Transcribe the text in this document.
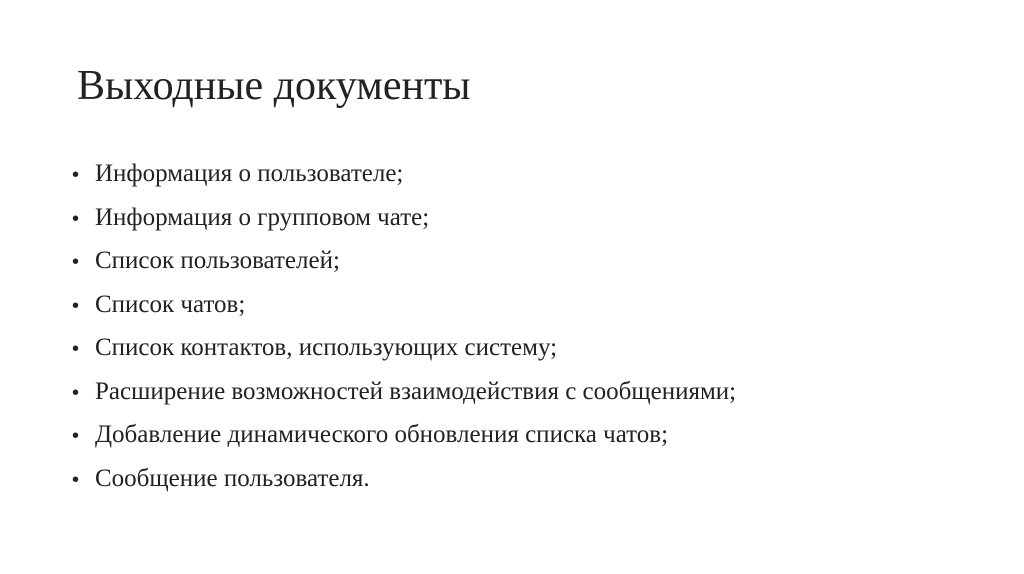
Выходные документы
• Информация о пользователе;
• Информация о групповом чате;
• Список пользователей;
• Список чатов;
• Список контактов, использующих систему;
• Расширение возможностей взаимодействия с сообщениями;
• Добавление динамического обновления списка чатов;
• Сообщение пользователя.
